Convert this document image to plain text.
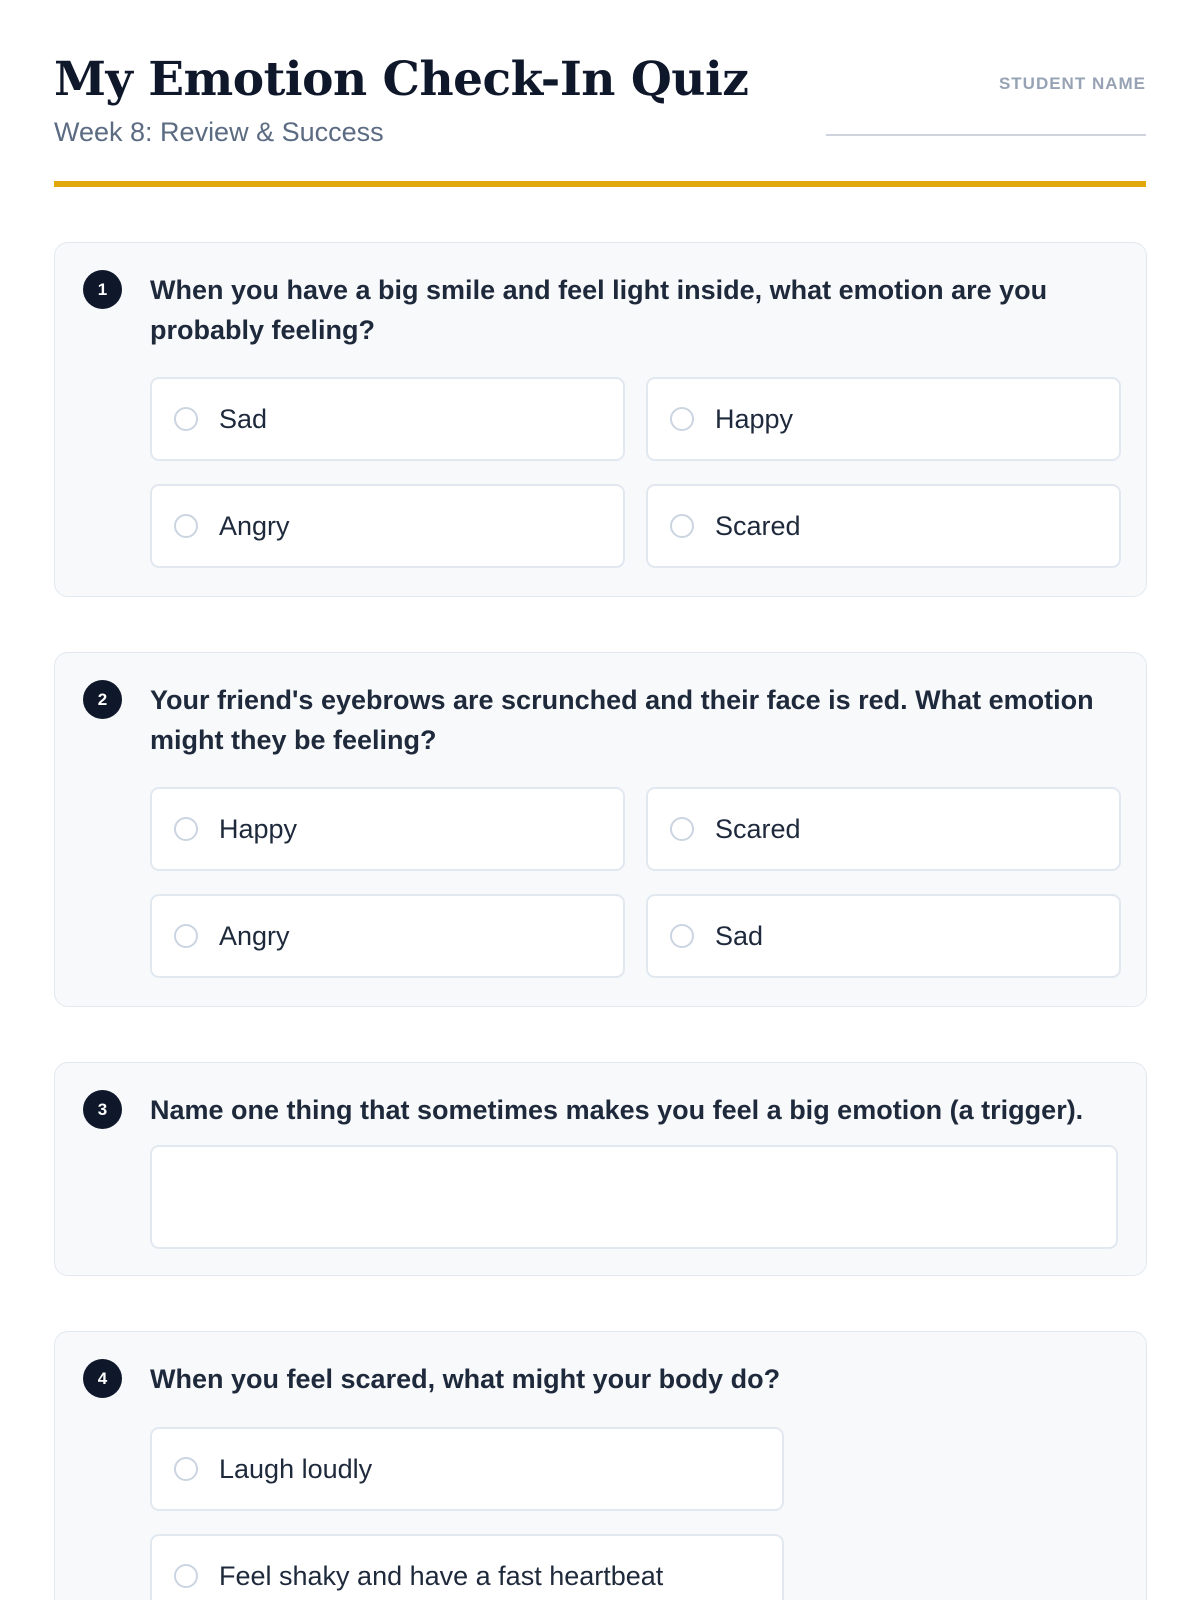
My Emotion Check-In Quiz
Week 8: Review & Success
STUDENT NAME
1	When you have a big smile and feel light inside, what emotion are you probably feeling?
Sad	Happy
Angry	Scared
2	Your friend's eyebrows are scrunched and their face is red. What emotion might they be feeling?
Happy	Scared
Angry	Sad
3	Name one thing that sometimes makes you feel a big emotion (a trigger).
4	When you feel scared, what might your body do?
Laugh loudly
Feel shaky and have a fast heartbeat
